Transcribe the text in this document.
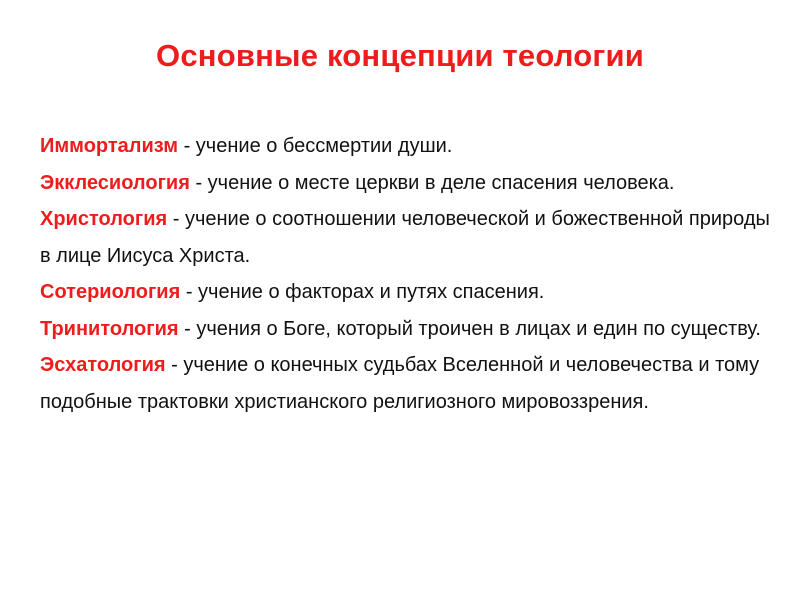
Основные концепции теологии

Иммортализм - учение о бессмертии души.

Экклесиология - учение о месте церкви в деле спасения человека.

Христология - учение о соотношении человеческой и божественной природы в лице Иисуса Христа.

Сотериология - учение о факторах и путях спасения.

Тринитология - учения о Боге, который троичен в лицах и един по существу.

Эсхатология - учение о конечных судьбах Вселенной и человечества и тому подобные трактовки христианского религиозного мировоззрения.
